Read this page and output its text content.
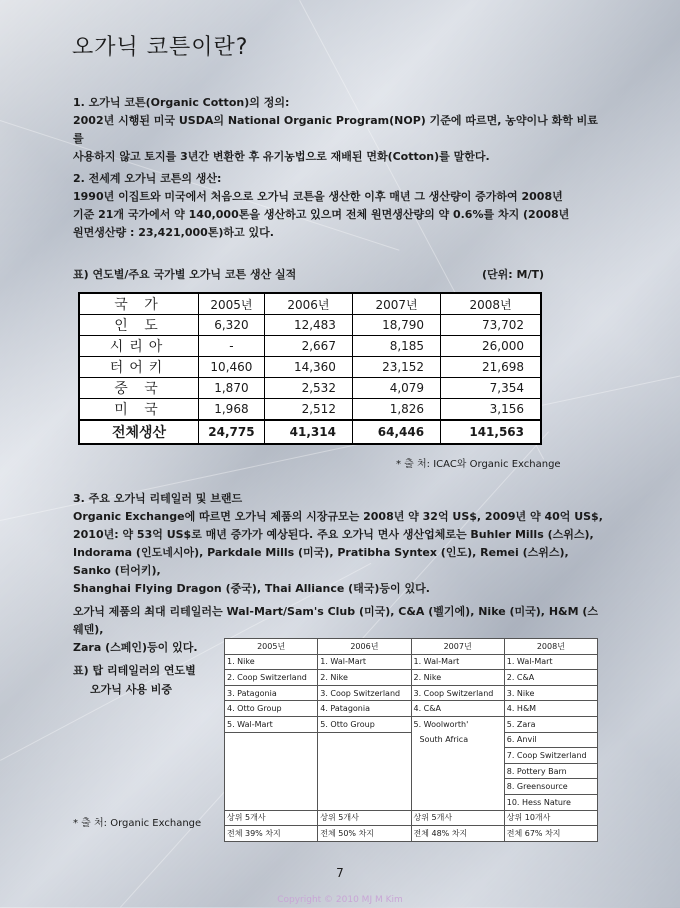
오가닉 코튼이란?

1. 오가닉 코튼(Organic Cotton)의 정의:

2002년 시행된 미국 USDA의 National Organic Program(NOP) 기준에 따르면, 농약이나 화학 비료를

사용하지 않고 토지를 3년간 변환한 후 유기농법으로 재배된 면화(Cotton)를 말한다.

2. 전세계 오가닉 코튼의 생산:

1990년 이집트와 미국에서 처음으로 오가닉 코튼을 생산한 이후 매년 그 생산량이 증가하여 2008년

기준 21개 국가에서 약 140,000톤을 생산하고 있으며 전체 원면생산량의 약 0.6%를 차지 (2008년

원면생산량 : 23,421,000톤)하고 있다.

표) 연도별/주요 국가별 오가닉 코튼 생산 실적	(단위: M/T)
국 가	2005년	2006년	2007년	2008년
인 도	6,320	12,483	18,790	73,702
시리아	-	2,667	8,185	26,000
터어키	10,460	14,360	23,152	21,698
중 국	1,870	2,532	4,079	7,354
미 국	1,968	2,512	1,826	3,156
전체생산	24,775	41,314	64,446	141,563
* 출 처: ICAC와 Organic Exchange

3. 주요 오가닉 리테일러 및 브랜드

Organic Exchange에 따르면 오가닉 제품의 시장규모는 2008년 약 32억 US$, 2009년 약 40억 US$,

2010년: 약 53억 US$로 매년 증가가 예상된다. 주요 오가닉 면사 생산업체로는 Buhler Mills (스위스),

Indorama (인도네시아), Parkdale Mills (미국), Pratibha Syntex (인도), Remei (스위스), Sanko (터어키),

Shanghai Flying Dragon (중국), Thai Alliance (태국)등이 있다.

오가닉 제품의 최대 리테일러는 Wal-Mart/Sam's Club (미국), C&A (벨기에), Nike (미국), H&M (스웨덴),

Zara (스페인)등이 있다.

표) 탑 리테일러의 연도별
오가닉 사용 비중
* 출 처: Organic Exchange
2005년	2006년	2007년	2008년
1. Nike	1. Wal-Mart	1. Wal-Mart	1. Wal-Mart
2. Coop Switzerland	2. Nike	2. Nike	2. C&A
3. Patagonia	3. Coop Switzerland	3. Coop Switzerland	3. Nike
4. Otto Group	4. Patagonia	4. C&A	4. H&M
5. Wal-Mart	5. Otto Group	5. Woolworth'	5. Zara
		South Africa	6. Anvil
			7. Coop Switzerland
			8. Pottery Barn
			8. Greensource
			10. Hess Nature
상위 5개사	상위 5개사	상위 5개사	상위 10개사
전체 39% 차지	전체 50% 차지	전체 48% 차지	전체 67% 차지
7
Copyright © 2010 MJ M Kim
